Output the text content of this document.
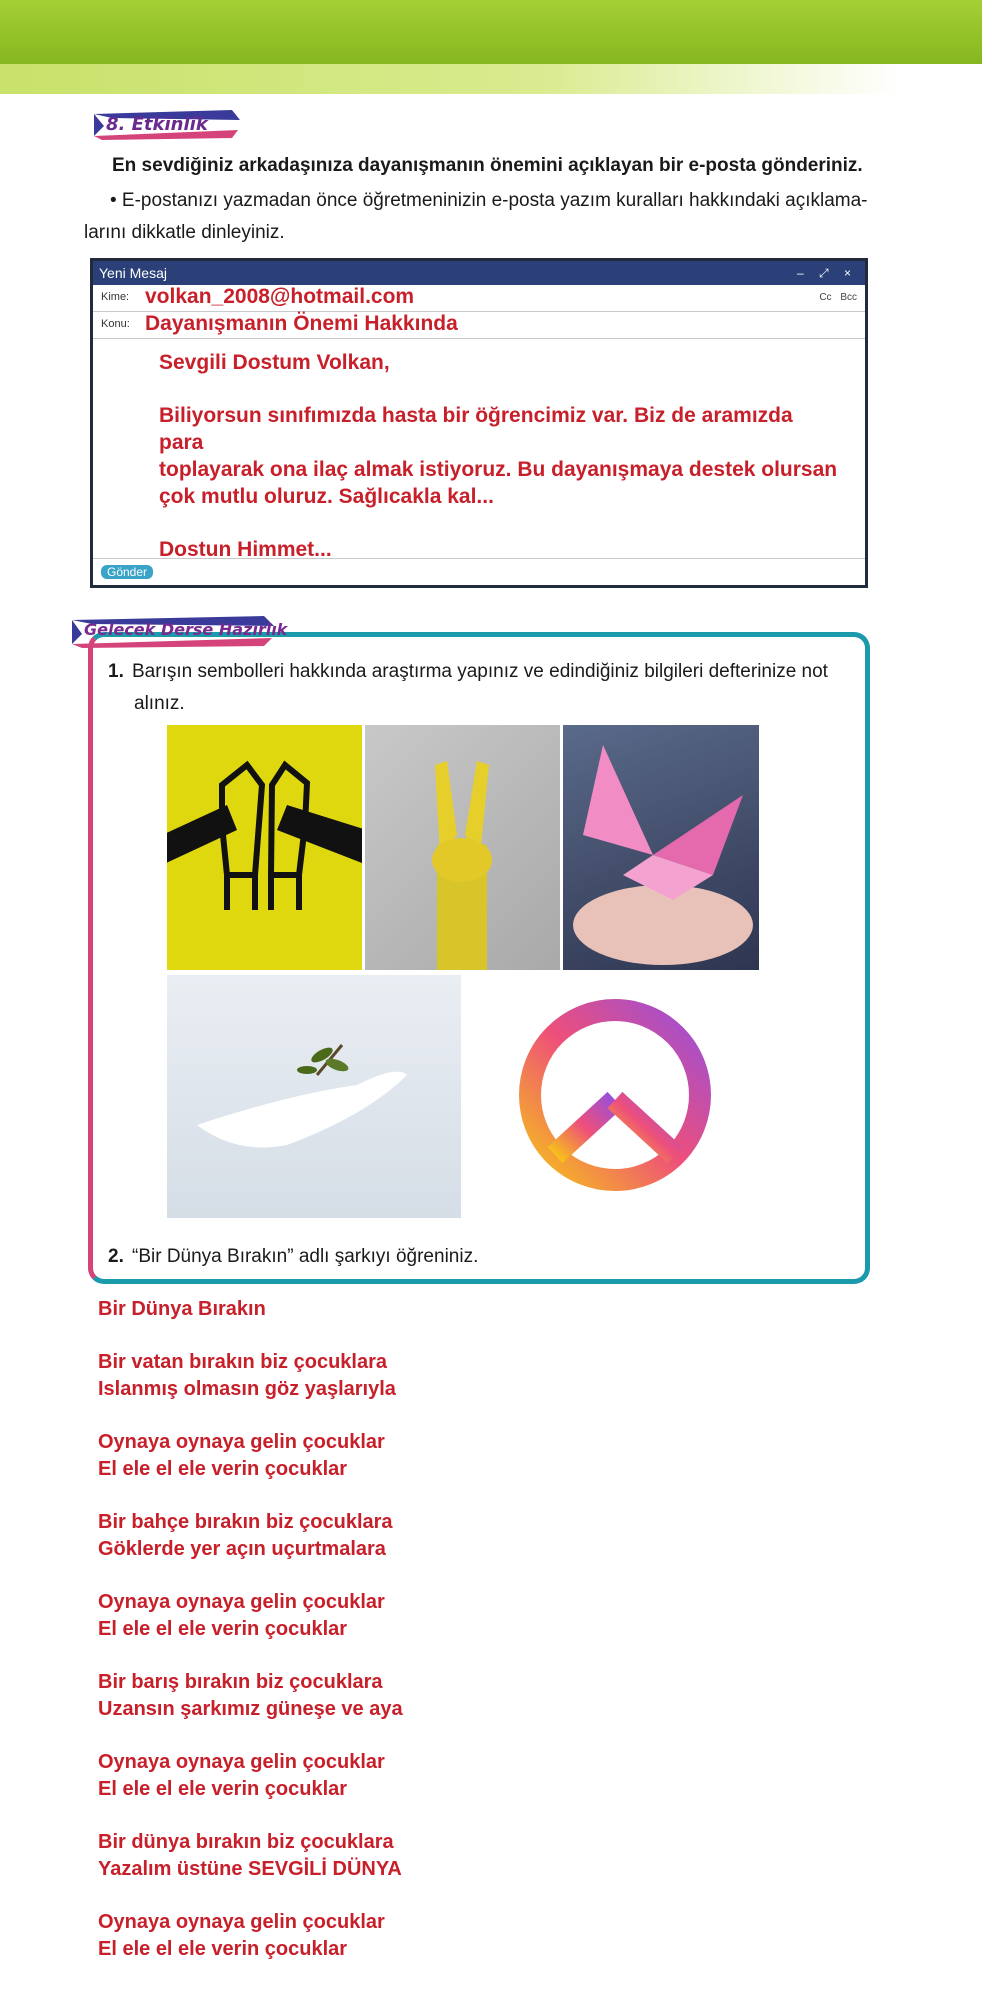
8. Etkinlik
En sevdiğiniz arkadaşınıza dayanışmanın önemini açıklayan bir e-posta gönderiniz.
• E-postanızı yazmadan önce öğretmeninizin e-posta yazım kuralları hakkındaki açıklama-
larını dikkatle dinleyiniz.
Yeni Mesaj	– ⤢ ×
Kime: volkan_2008@hotmail.com	Cc Bcc
Konu: Dayanışmanın Önemi Hakkında

Sevgili Dostum Volkan,

Biliyorsun sınıfımızda hasta bir öğrencimiz var. Biz de aramızda para
toplayarak ona ilaç almak istiyoruz. Bu dayanışmaya destek olursan
çok mutlu oluruz. Sağlıcakla kal...

Dostun Himmet...

Gönder
Gelecek Derse Hazırlık
1. Barışın sembolleri hakkında araştırma yapınız ve edindiğiniz bilgileri defterinize not
alınız.
2. “Bir Dünya Bırakın” adlı şarkıyı öğreniniz.
Bir Dünya Bırakın
Bir vatan bırakın biz çocuklara
Islanmış olmasın göz yaşlarıyla
Oynaya oynaya gelin çocuklar
El ele el ele verin çocuklar
Bir bahçe bırakın biz çocuklara
Göklerde yer açın uçurtmalara
Oynaya oynaya gelin çocuklar
El ele el ele verin çocuklar
Bir barış bırakın biz çocuklara
Uzansın şarkımız güneşe ve aya
Oynaya oynaya gelin çocuklar
El ele el ele verin çocuklar
Bir dünya bırakın biz çocuklara
Yazalım üstüne SEVGİLİ DÜNYA
Oynaya oynaya gelin çocuklar
El ele el ele verin çocuklar
